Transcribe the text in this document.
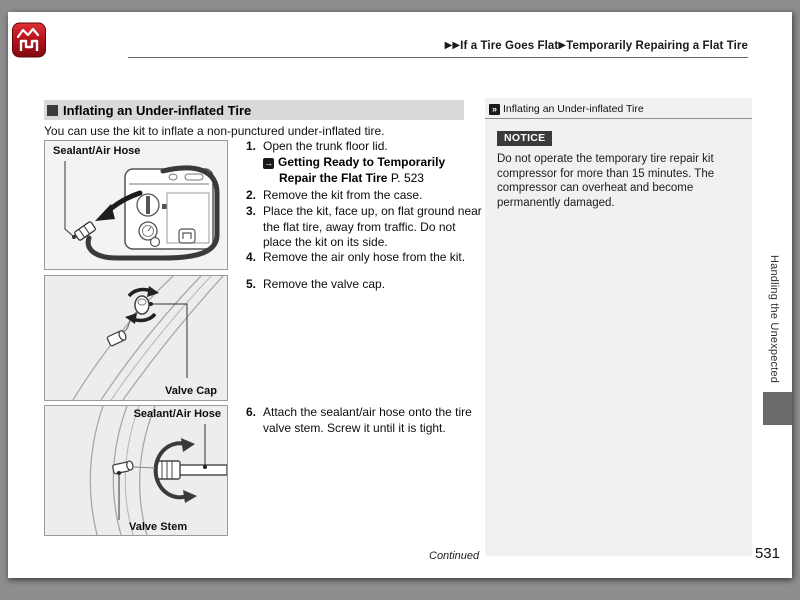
▶▶If a Tire Goes Flat▶Temporarily Repairing a Flat Tire
Inflating an Under-inflated Tire
You can use the kit to inflate a non-punctured under-inflated tire.
Sealant/Air Hose
Valve Cap
Sealant/Air Hose
Valve Stem
1. Open the trunk floor lid.
→ Getting Ready to Temporarily Repair the Flat Tire P. 523
2. Remove the kit from the case.
3. Place the kit, face up, on flat ground near the flat tire, away from traffic. Do not place the kit on its side.
4. Remove the air only hose from the kit.
5. Remove the valve cap.
6. Attach the sealant/air hose onto the tire valve stem. Screw it until it is tight.
» Inflating an Under-inflated Tire
NOTICE
Do not operate the temporary tire repair kit compressor for more than 15 minutes. The compressor can overheat and become permanently damaged.
Handling the Unexpected
Continued	531
